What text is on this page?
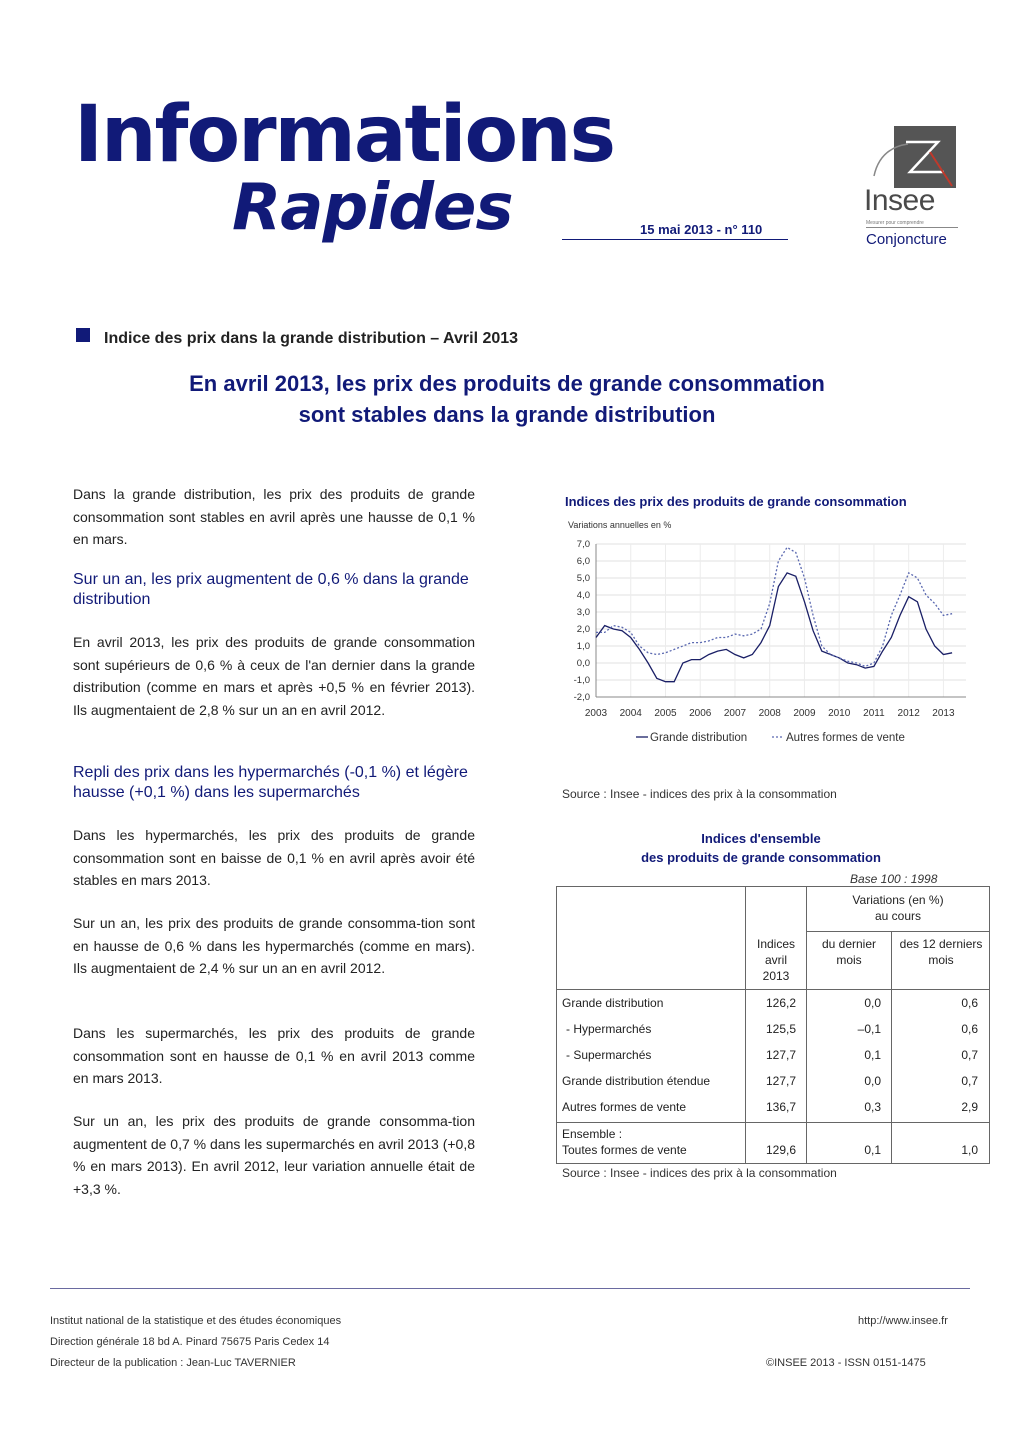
Informations
Rapides	15 mai 2013 - n° 110
Insee
Mesurer pour comprendre
Conjoncture
Indice des prix dans la grande distribution – Avril 2013
En avril 2013, les prix des produits de grande consommation
sont stables dans la grande distribution
Dans la grande distribution, les prix des produits de grande consommation sont stables en avril après une hausse de 0,1 % en mars.
Sur un an, les prix augmentent de 0,6 % dans la grande distribution
En avril 2013, les prix des produits de grande consommation sont supérieurs de 0,6 % à ceux de l'an dernier dans la grande distribution (comme en mars et après +0,5 % en février 2013). Ils augmentaient de 2,8 % sur un an en avril 2012.
Repli des prix dans les hypermarchés (-0,1 %) et légère hausse (+0,1 %) dans les supermarchés
Dans les hypermarchés, les prix des produits de grande consommation sont en baisse de 0,1 % en avril après avoir été stables en mars 2013.
Sur un an, les prix des produits de grande consomma-tion sont en hausse de 0,6 % dans les hypermarchés (comme en mars). Ils augmentaient de 2,4 % sur un an en avril 2012.
Dans les supermarchés, les prix des produits de grande consommation sont en hausse de 0,1 % en avril 2013 comme en mars 2013.
Sur un an, les prix des produits de grande consomma-tion augmentent de 0,7 % dans les supermarchés en avril 2013 (+0,8 % en mars 2013). En avril 2012, leur variation annuelle était de +3,3 %.
Indices des prix des produits de grande consommation
Variations annuelles en %
7,0
6,0
5,0
4,0
3,0
2,0
1,0
0,0
-1,0
-2,0
2003 2004 2005 2006 2007 2008 2009 2010 2011 2012 2013
Grande distribution	Autres formes de vente
Source : Insee - indices des prix à la consommation
Indices d'ensemble
des produits de grande consommation
Base 100 : 1998
Variations (en %) au cours
Indices avril 2013
du dernier mois
des 12 derniers mois
Grande distribution	126,2	0,0	0,6
- Hypermarchés	125,5	–0,1	0,6
- Supermarchés	127,7	0,1	0,7
Grande distribution étendue	127,7	0,0	0,7
Autres formes de vente	136,7	0,3	2,9
Ensemble :
Toutes formes de vente	129,6	0,1	1,0
Source : Insee - indices des prix à la consommation
Institut national de la statistique et des études économiques
Direction générale 18 bd A. Pinard 75675 Paris Cedex 14
Directeur de la publication : Jean-Luc TAVERNIER
http://www.insee.fr
©INSEE 2013 - ISSN 0151-1475
